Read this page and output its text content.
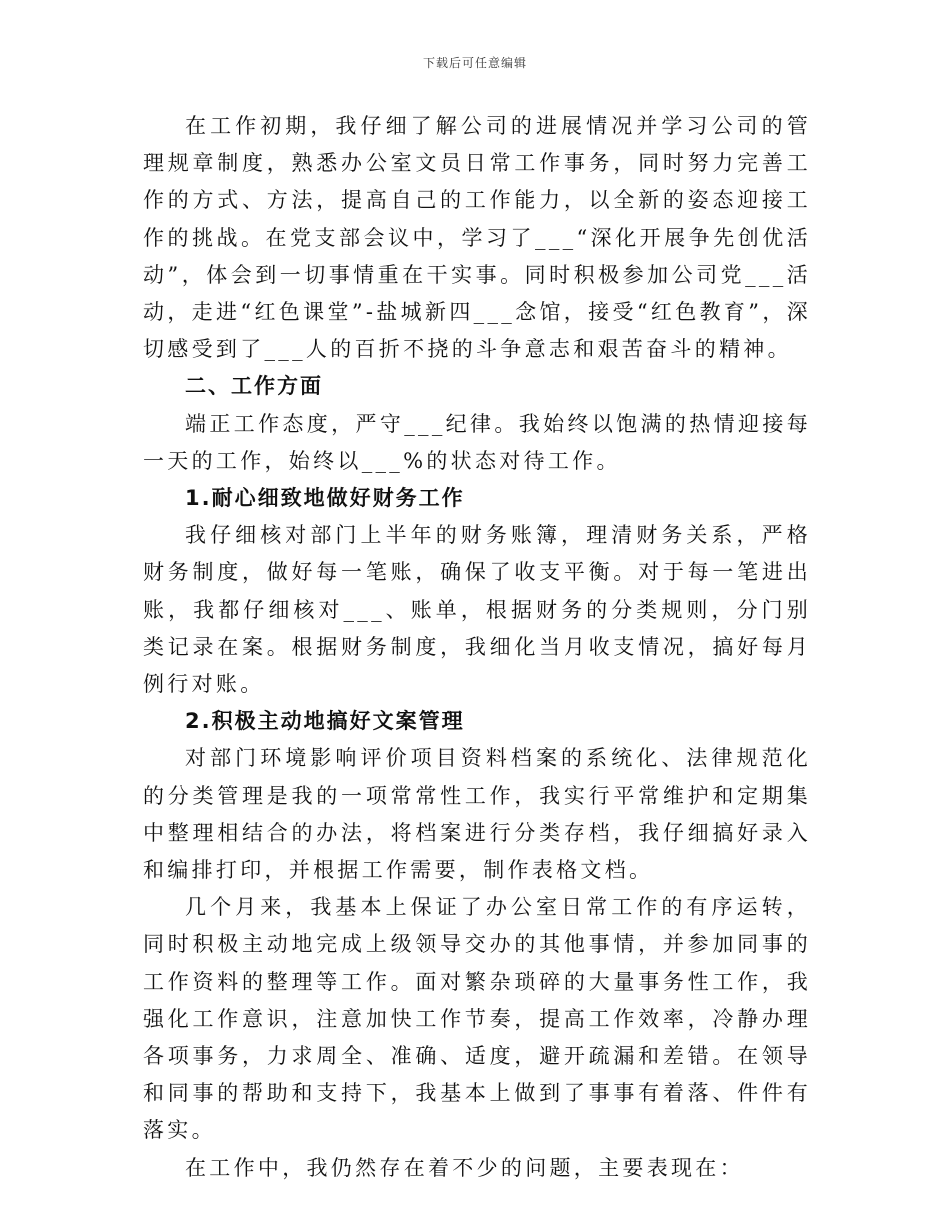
下载后可任意编辑

在工作初期，我仔细了解公司的进展情况并学习公司的管理规章制度，熟悉办公室文员日常工作事务，同时努力完善工作的方式、方法，提高自己的工作能力，以全新的姿态迎接工作的挑战。在党支部会议中，学习了___“深化开展争先创优活动”，体会到一切事情重在干实事。同时积极参加公司党___活动，走进“红色课堂”-盐城新四___念馆，接受“红色教育”，深切感受到了___人的百折不挠的斗争意志和艰苦奋斗的精神。

二、工作方面

端正工作态度，严守___纪律。我始终以饱满的热情迎接每一天的工作，始终以___%的状态对待工作。

1.耐心细致地做好财务工作

我仔细核对部门上半年的财务账簿，理清财务关系，严格财务制度，做好每一笔账，确保了收支平衡。对于每一笔进出账，我都仔细核对___、账单，根据财务的分类规则，分门别类记录在案。根据财务制度，我细化当月收支情况，搞好每月例行对账。

2.积极主动地搞好文案管理

对部门环境影响评价项目资料档案的系统化、法律规范化的分类管理是我的一项常常性工作，我实行平常维护和定期集中整理相结合的办法，将档案进行分类存档，我仔细搞好录入和编排打印，并根据工作需要，制作表格文档。

几个月来，我基本上保证了办公室日常工作的有序运转，同时积极主动地完成上级领导交办的其他事情，并参加同事的工作资料的整理等工作。面对繁杂琐碎的大量事务性工作，我强化工作意识，注意加快工作节奏，提高工作效率，冷静办理各项事务，力求周全、准确、适度，避开疏漏和差错。在领导和同事的帮助和支持下，我基本上做到了事事有着落、件件有落实。

在工作中，我仍然存在着不少的问题，主要表现在：
